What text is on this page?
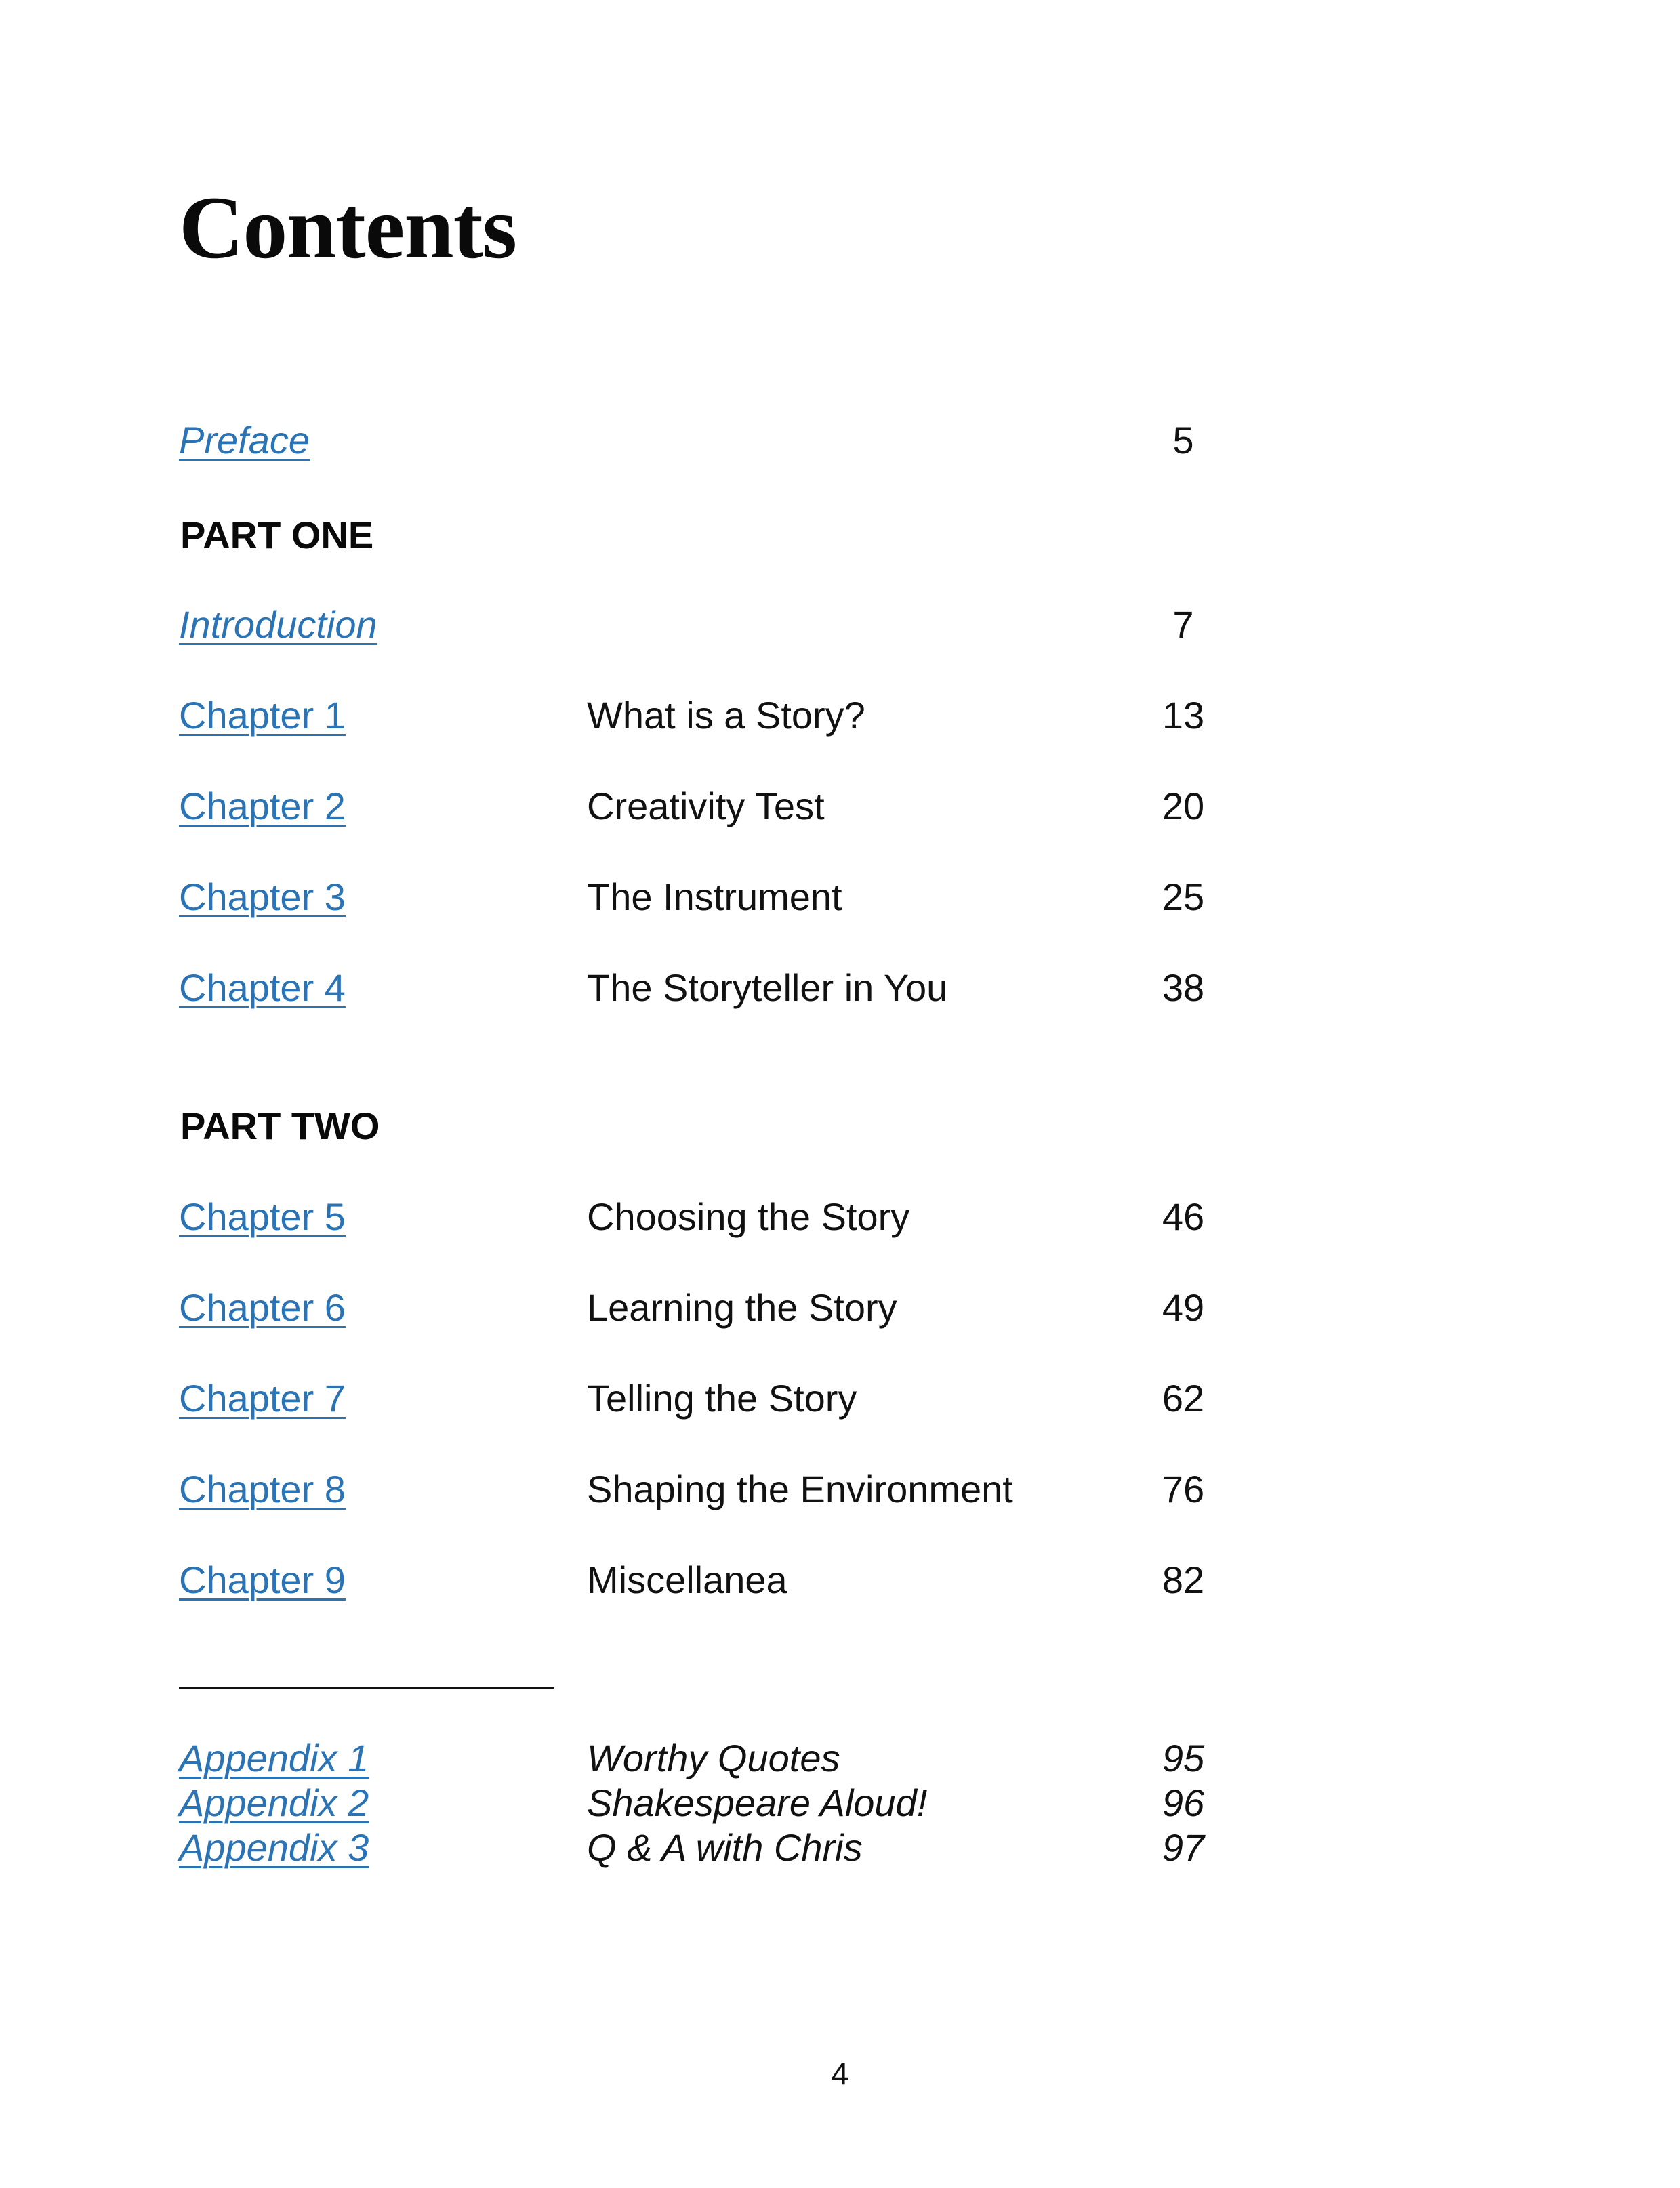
Contents
Preface	5
PART ONE
Introduction	7
Chapter 1	What is a Story?	13
Chapter 2	Creativity Test	20
Chapter 3	The Instrument	25
Chapter 4	The Storyteller in You	38
PART TWO
Chapter 5	Choosing the Story	46
Chapter 6	Learning the Story	49
Chapter 7	Telling the Story	62
Chapter 8	Shaping the Environment	76
Chapter 9	Miscellanea	82
Appendix 1	Worthy Quotes	95
Appendix 2	Shakespeare Aloud!	96
Appendix 3	Q & A with Chris	97
4
